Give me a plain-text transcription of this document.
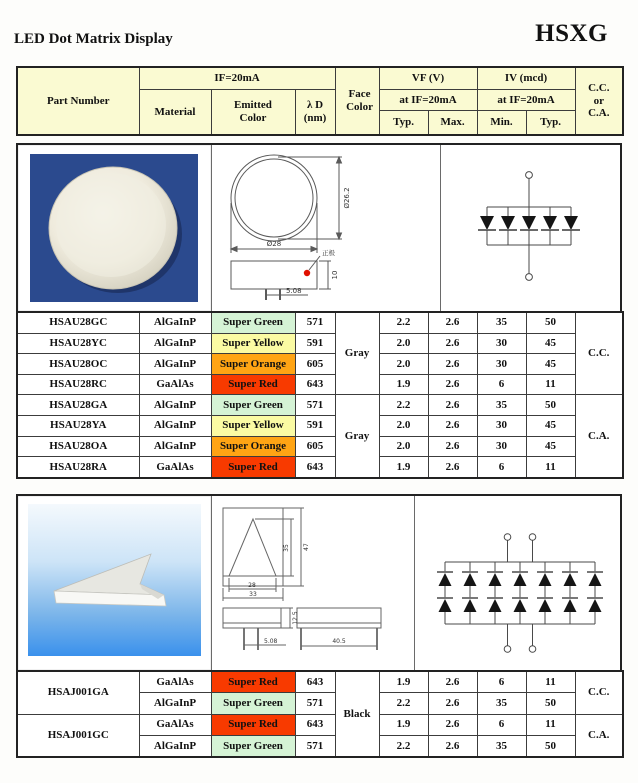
LED Dot Matrix Display	HSXG
Part Number	IF=20mA			Face Color	VF (V)		IV (mcd)		C.C.
or
C.A.

	Material	Emitted Color	λ D
(nm)		at IF=20mA		at IF=20mA		
					Typ.	Max.	Min.	Typ.	
Ø26.2
Ø28
10
5.08
正极
HSAU28GC	AlGaInP	Super Green	571	Gray	2.2	2.6	35	50	C.C.
HSAU28YC	AlGaInP	Super Yellow	591		2.0	2.6	30	45	
HSAU28OC	AlGaInP	Super Orange	605		2.0	2.6	30	45	
HSAU28RC	GaAlAs	Super Red	643		1.9	2.6	6	11	
HSAU28GA	AlGaInP	Super Green	571	Gray	2.2	2.6	35	50	C.A.
HSAU28YA	AlGaInP	Super Yellow	591		2.0	2.6	30	45	
HSAU28OA	AlGaInP	Super Orange	605		2.0	2.6	30	45	
HSAU28RA	GaAlAs	Super Red	643		1.9	2.6	6	11	
35 47
28
33
12.5
5.08	40.5
HSAJ001GA	GaAlAs	Super Red	643	Black	1.9	2.6	6	11	C.C.
	AlGaInP	Super Green	571		2.2	2.6	35	50	
HSAJ001GC	GaAlAs	Super Red	643		1.9	2.6	6	11	C.A.
	AlGaInP	Super Green	571		2.2	2.6	35	50	
